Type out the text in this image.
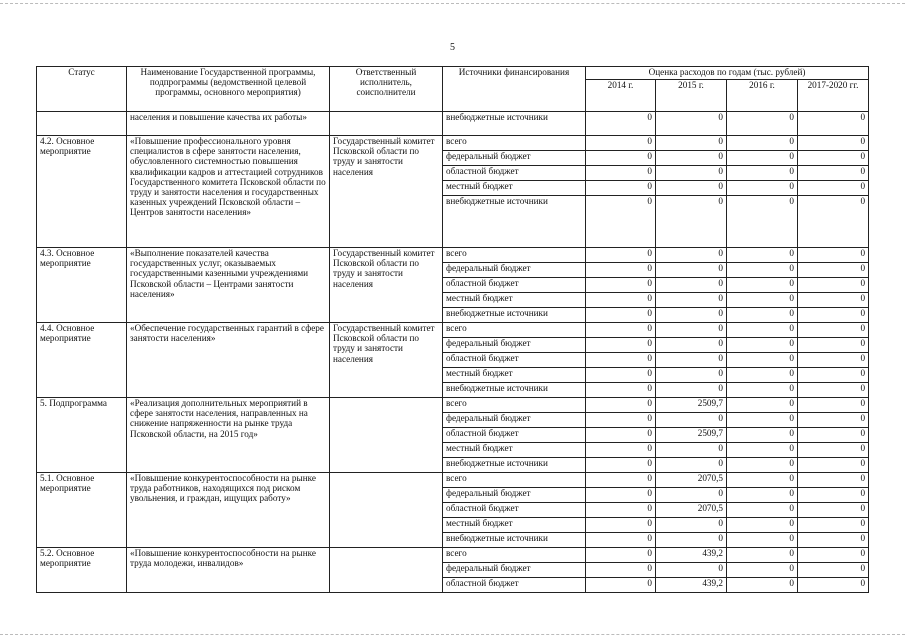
5
Статус	Наименование Государственной программы, подпрограммы (ведомственной целевой программы, основного мероприятия)	Ответственный исполнитель, соисполнители	Источники финансирования	Оценка расходов по годам (тыс. рублей)			
				2014 г.	2015 г.	2016 г.	2017-2020 гг.
	населения и повышение качества их работы»		внебюджетные источники	0	0	0	0
4.2. Основное мероприятие	«Повышение профессионального уровня специалистов в сфере занятости населения, обусловленного системностью повышения квалификации кадров и аттестацией сотрудников Государственного комитета Псковской области по труду и занятости населения и государственных казенных учреждений Псковской области – Центров занятости населения»	Государственный комитет Псковской области по труду и занятости населения	всего	0	0	0	0
			федеральный бюджет	0	0	0	0
			областной бюджет	0	0	0	0
			местный бюджет	0	0	0	0
			внебюджетные источники	0	0	0	0
4.3. Основное мероприятие	«Выполнение показателей качества государственных услуг, оказываемых государственными казенными учреждениями Псковской области – Центрами занятости населения»	Государственный комитет Псковской области по труду и занятости населения	всего	0	0	0	0
			федеральный бюджет	0	0	0	0
			областной бюджет	0	0	0	0
			местный бюджет	0	0	0	0
			внебюджетные источники	0	0	0	0
4.4. Основное мероприятие	«Обеспечение государственных гарантий в сфере занятости населения»	Государственный комитет Псковской области по труду и занятости населения	всего	0	0	0	0
			федеральный бюджет	0	0	0	0
			областной бюджет	0	0	0	0
			местный бюджет	0	0	0	0
			внебюджетные источники	0	0	0	0
5. Подпрограмма	«Реализация дополнительных мероприятий в сфере занятости населения, направленных на снижение напряженности на рынке труда Псковской области, на 2015 год»		всего	0	2509,7	0	0
			федеральный бюджет	0	0	0	0
			областной бюджет	0	2509,7	0	0
			местный бюджет	0	0	0	0
			внебюджетные источники	0	0	0	0
5.1. Основное мероприятие	«Повышение конкурентоспособности на рынке труда работников, находящихся под риском увольнения, и граждан, ищущих работу»		всего	0	2070,5	0	0
			федеральный бюджет	0	0	0	0
			областной бюджет	0	2070,5	0	0
			местный бюджет	0	0	0	0
			внебюджетные источники	0	0	0	0
5.2. Основное мероприятие	«Повышение конкурентоспособности на рынке труда молодежи, инвалидов»		всего	0	439,2	0	0
			федеральный бюджет	0	0	0	0
			областной бюджет	0	439,2	0	0
